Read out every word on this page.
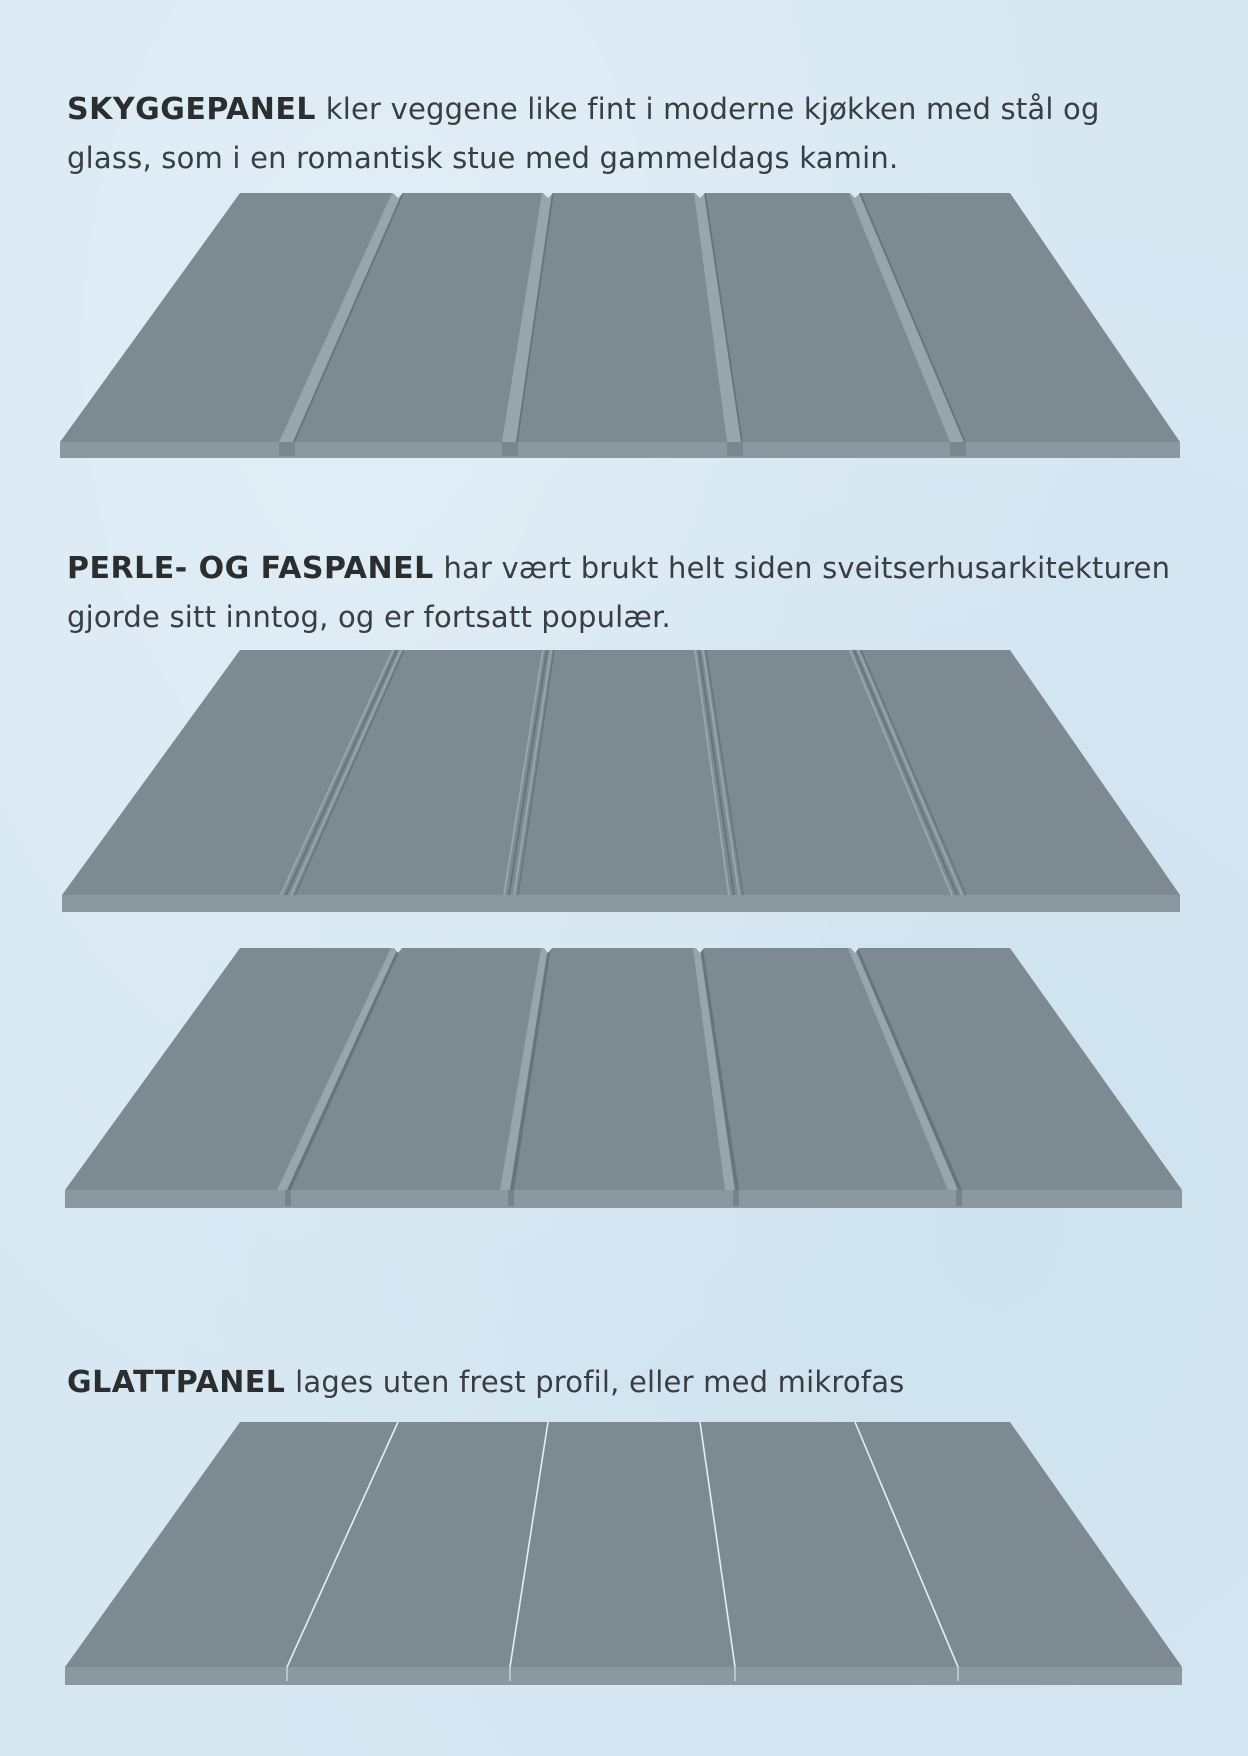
SKYGGEPANEL kler veggene like fint i moderne kjøkken med stål og
glass, som i en romantisk stue med gammeldags kamin.
PERLE- OG FASPANEL har vært brukt helt siden sveitserhusarkitekturen
gjorde sitt inntog, og er fortsatt populær.
GLATTPANEL lages uten frest profil, eller med mikrofas
